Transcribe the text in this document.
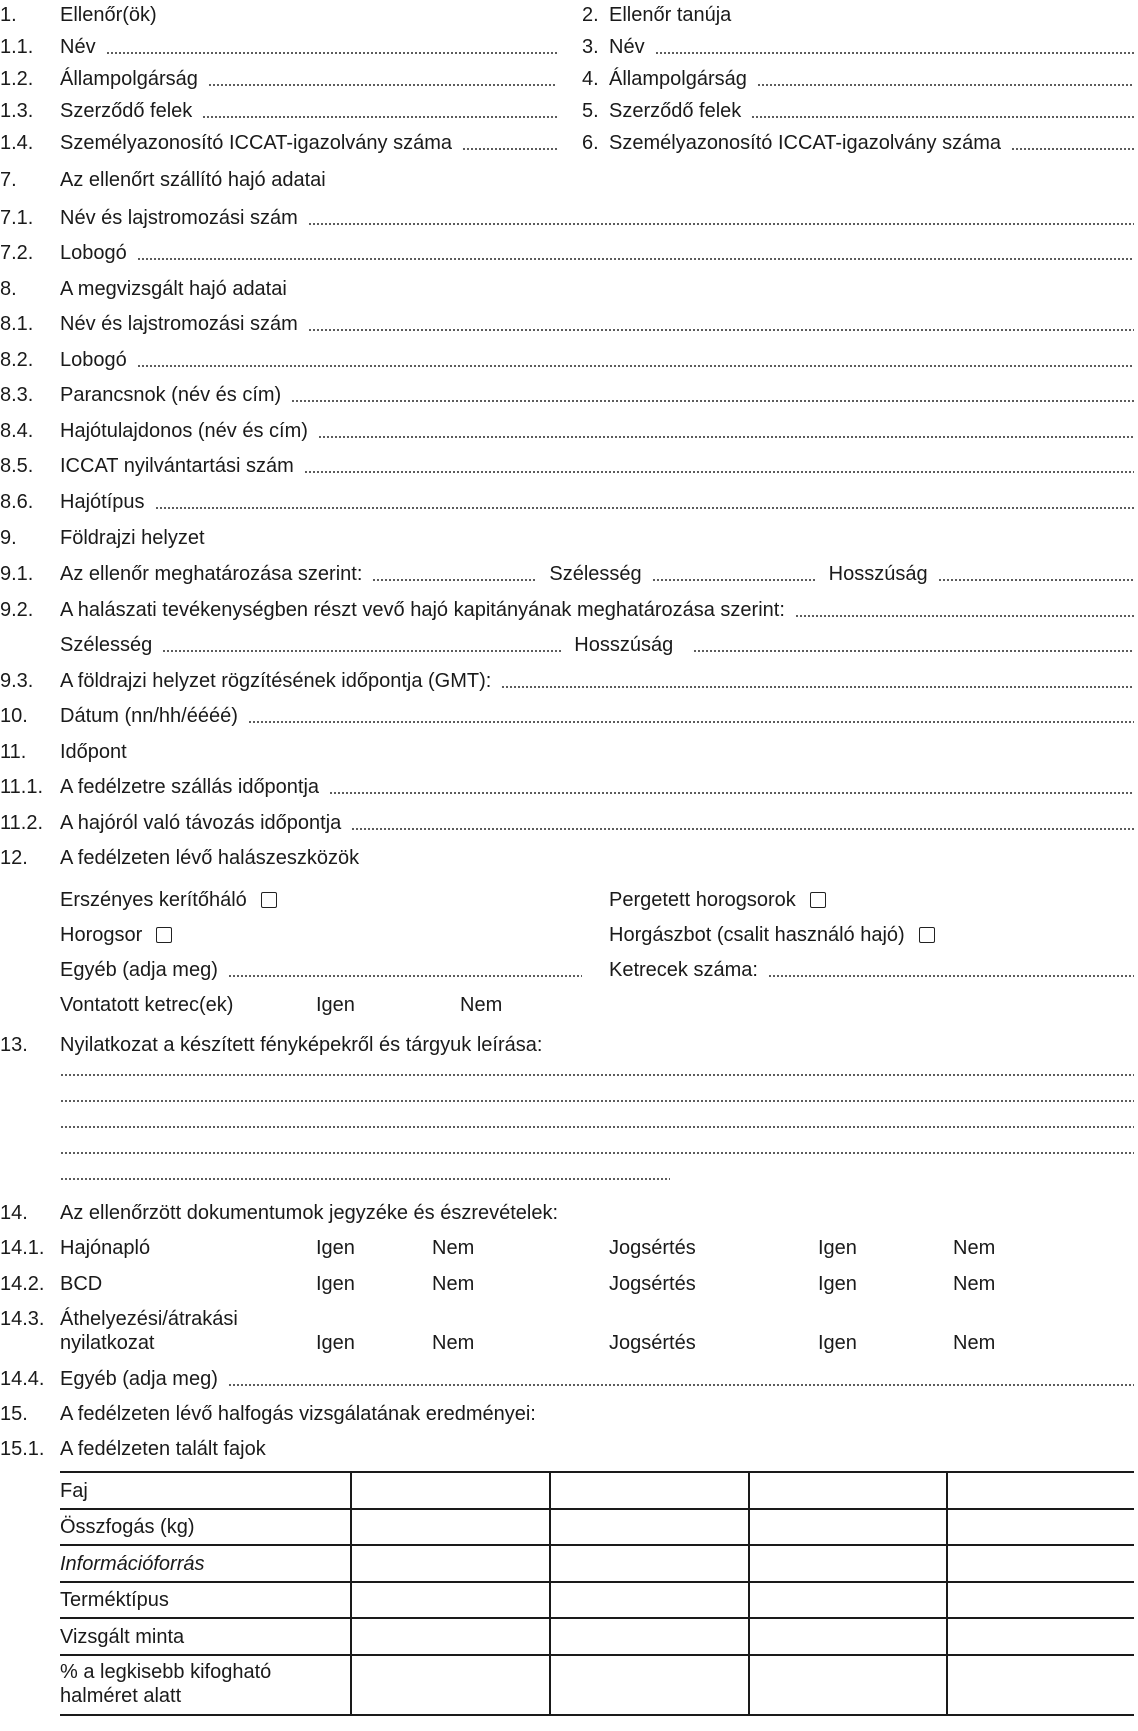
1. Ellenőr(ök)	2. Ellenőr tanúja
1.1. Név	3. Név
1.2. Állampolgárság	4. Állampolgárság
1.3. Szerződő felek	5. Szerződő felek
1.4. Személyazonosító ICCAT-igazolvány száma	6. Személyazonosító ICCAT-igazolvány száma
7. Az ellenőrt szállító hajó adatai
7.1. Név és lajstromozási szám
7.2. Lobogó
8. A megvizsgált hajó adatai
8.1. Név és lajstromozási szám
8.2. Lobogó
8.3. Parancsnok (név és cím)
8.4. Hajótulajdonos (név és cím)
8.5. ICCAT nyilvántartási szám
8.6. Hajótípus
9. Földrajzi helyzet
9.1. Az ellenőr meghatározása szerint:	Szélesség	Hosszúság
9.2. A halászati tevékenységben részt vevő hajó kapitányának meghatározása szerint:
Szélesség	Hosszúság
9.3. A földrajzi helyzet rögzítésének időpontja (GMT):
10. Dátum (nn/hh/éééé)
11. Időpont
11.1. A fedélzetre szállás időpontja
11.2. A hajóról való távozás időpontja
12. A fedélzeten lévő halászeszközök
Erszényes kerítőháló	Pergetett horogsorok
Horogsor	Horgászbot (csalit használó hajó)
Egyéb (adja meg)	Ketrecek száma:
Vontatott ketrec(ek)	Igen	Nem
13. Nyilatkozat a készített fényképekről és tárgyuk leírása:
14. Az ellenőrzött dokumentumok jegyzéke és észrevételek:
14.1. Hajónapló	Igen	Nem	Jogsértés	Igen	Nem
14.2. BCD	Igen	Nem	Jogsértés	Igen	Nem
14.3. Áthelyezési/átrakási
nyilatkozat	Igen	Nem	Jogsértés	Igen	Nem
14.4. Egyéb (adja meg)
15. A fedélzeten lévő halfogás vizsgálatának eredményei:
15.1. A fedélzeten talált fajok
Faj
Összfogás (kg)
Információforrás
Terméktípus
Vizsgált minta
% a legkisebb kifogható
halméret alatt
